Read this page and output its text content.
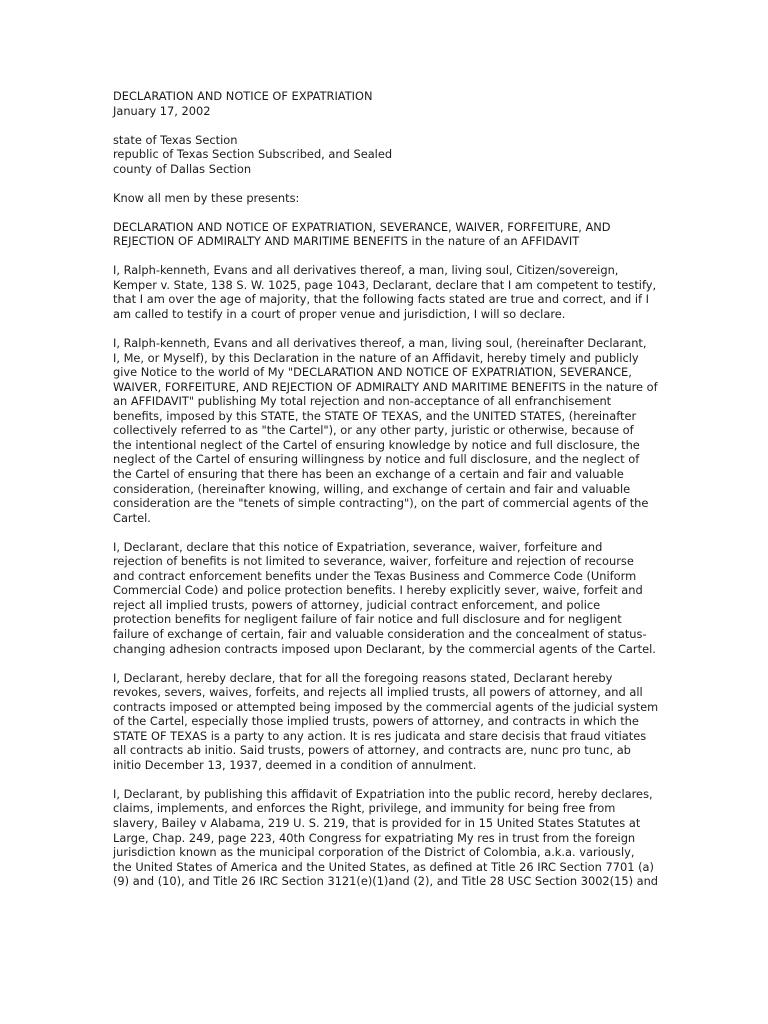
DECLARATION AND NOTICE OF EXPATRIATION
January 17, 2002
state of Texas Section
republic of Texas Section Subscribed, and Sealed
county of Dallas Section
Know all men by these presents:
DECLARATION AND NOTICE OF EXPATRIATION, SEVERANCE, WAIVER, FORFEITURE, AND
REJECTION OF ADMIRALTY AND MARITIME BENEFITS in the nature of an AFFIDAVIT
I, Ralph-kenneth, Evans and all derivatives thereof, a man, living soul, Citizen/sovereign,
Kemper v. State, 138 S. W. 1025, page 1043, Declarant, declare that I am competent to testify,
that I am over the age of majority, that the following facts stated are true and correct, and if I
am called to testify in a court of proper venue and jurisdiction, I will so declare.
I, Ralph-kenneth, Evans and all derivatives thereof, a man, living soul, (hereinafter Declarant,
I, Me, or Myself), by this Declaration in the nature of an Affidavit, hereby timely and publicly
give Notice to the world of My "DECLARATION AND NOTICE OF EXPATRIATION, SEVERANCE,
WAIVER, FORFEITURE, AND REJECTION OF ADMIRALTY AND MARITIME BENEFITS in the nature of
an AFFIDAVIT" publishing My total rejection and non-acceptance of all enfranchisement
benefits, imposed by this STATE, the STATE OF TEXAS, and the UNITED STATES, (hereinafter
collectively referred to as "the Cartel"), or any other party, juristic or otherwise, because of
the intentional neglect of the Cartel of ensuring knowledge by notice and full disclosure, the
neglect of the Cartel of ensuring willingness by notice and full disclosure, and the neglect of
the Cartel of ensuring that there has been an exchange of a certain and fair and valuable
consideration, (hereinafter knowing, willing, and exchange of certain and fair and valuable
consideration are the "tenets of simple contracting"), on the part of commercial agents of the
Cartel.
I, Declarant, declare that this notice of Expatriation, severance, waiver, forfeiture and
rejection of benefits is not limited to severance, waiver, forfeiture and rejection of recourse
and contract enforcement benefits under the Texas Business and Commerce Code (Uniform
Commercial Code) and police protection benefits. I hereby explicitly sever, waive, forfeit and
reject all implied trusts, powers of attorney, judicial contract enforcement, and police
protection benefits for negligent failure of fair notice and full disclosure and for negligent
failure of exchange of certain, fair and valuable consideration and the concealment of status-
changing adhesion contracts imposed upon Declarant, by the commercial agents of the Cartel.
I, Declarant, hereby declare, that for all the foregoing reasons stated, Declarant hereby
revokes, severs, waives, forfeits, and rejects all implied trusts, all powers of attorney, and all
contracts imposed or attempted being imposed by the commercial agents of the judicial system
of the Cartel, especially those implied trusts, powers of attorney, and contracts in which the
STATE OF TEXAS is a party to any action. It is res judicata and stare decisis that fraud vitiates
all contracts ab initio. Said trusts, powers of attorney, and contracts are, nunc pro tunc, ab
initio December 13, 1937, deemed in a condition of annulment.
I, Declarant, by publishing this affidavit of Expatriation into the public record, hereby declares,
claims, implements, and enforces the Right, privilege, and immunity for being free from
slavery, Bailey v Alabama, 219 U. S. 219, that is provided for in 15 United States Statutes at
Large, Chap. 249, page 223, 40th Congress for expatriating My res in trust from the foreign
jurisdiction known as the municipal corporation of the District of Colombia, a.k.a. variously,
the United States of America and the United States, as defined at Title 26 IRC Section 7701 (a)
(9) and (10), and Title 26 IRC Section 3121(e)(1)and (2), and Title 28 USC Section 3002(15) and
